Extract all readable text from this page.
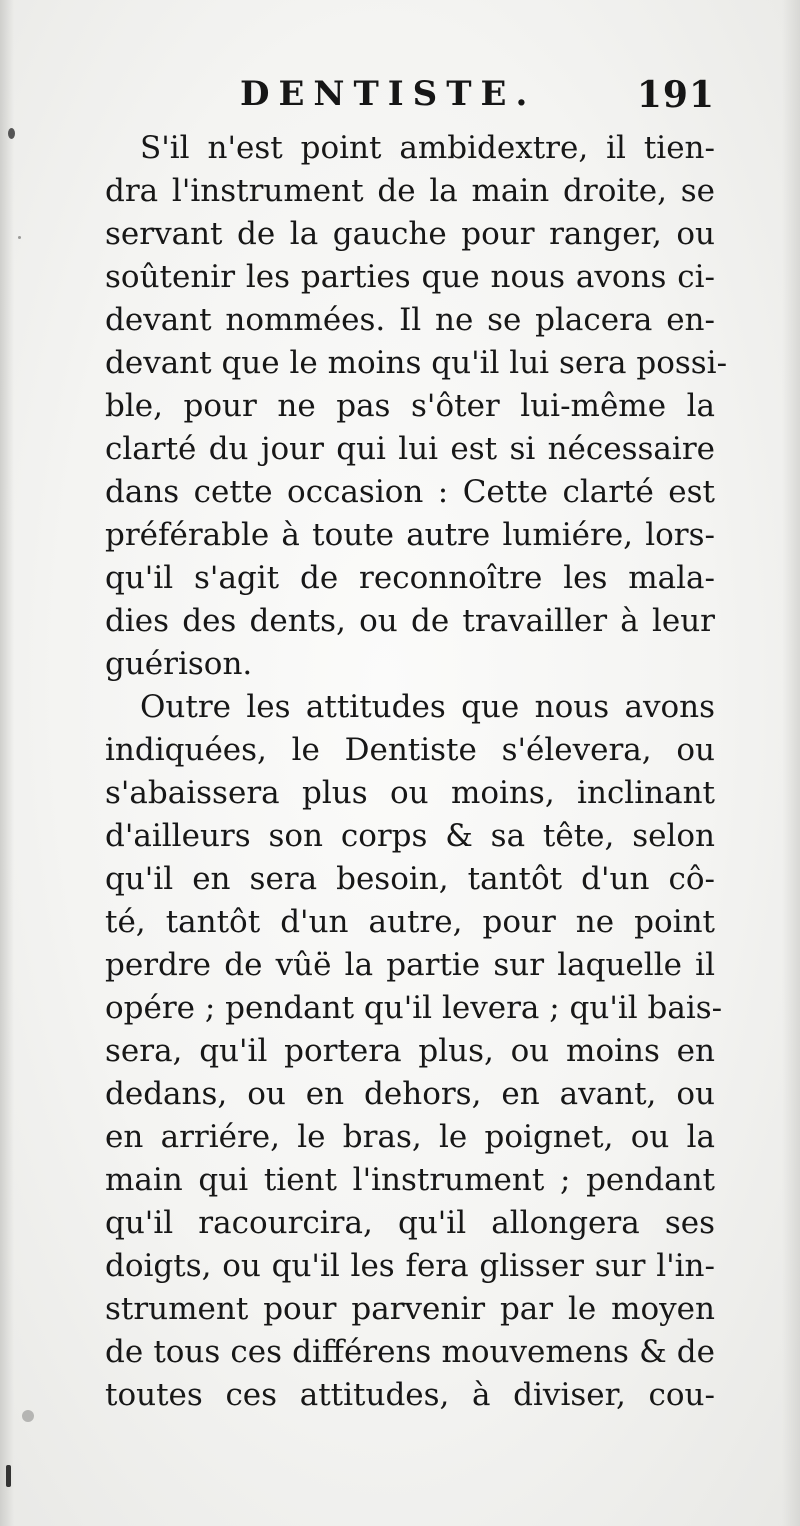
DENTISTE.	191
S'il n'est point ambidextre, il tien-
dra l'instrument de la main droite, se
servant de la gauche pour ranger, ou
soûtenir les parties que nous avons ci-
devant nommées. Il ne se placera en-
devant que le moins qu'il lui sera possi-
ble, pour ne pas s'ôter lui-même la
clarté du jour qui lui est si nécessaire
dans cette occasion : Cette clarté est
préférable à toute autre lumiére, lors-
qu'il s'agit de reconnoître les mala-
dies des dents, ou de travailler à leur
guérison.
Outre les attitudes que nous avons
indiquées, le Dentiste s'élevera, ou
s'abaissera plus ou moins, inclinant
d'ailleurs son corps & sa tête, selon
qu'il en sera besoin, tantôt d'un cô-
té, tantôt d'un autre, pour ne point
perdre de vûë la partie sur laquelle il
opére ; pendant qu'il levera ; qu'il bais-
sera, qu'il portera plus, ou moins en
dedans, ou en dehors, en avant, ou
en arriére, le bras, le poignet, ou la
main qui tient l'instrument ; pendant
qu'il racourcira, qu'il allongera ses
doigts, ou qu'il les fera glisser sur l'in-
strument pour parvenir par le moyen
de tous ces différens mouvemens & de
toutes ces attitudes, à diviser, cou-
